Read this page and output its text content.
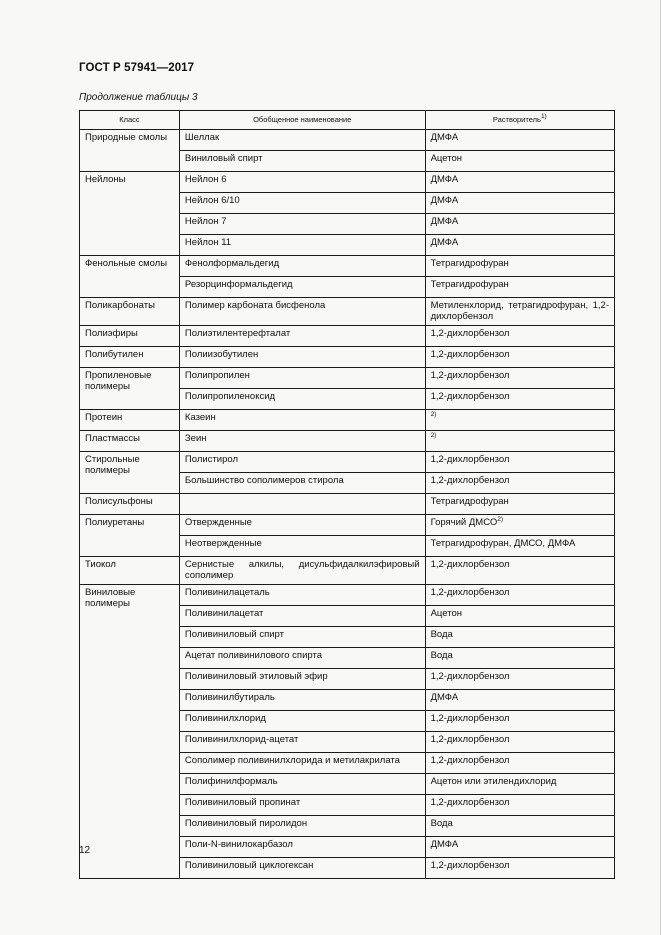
ГОСТ Р 57941—2017
Продолжение таблицы 3
Класс	Обобщенное наименование	Растворитель$^{1)}$
Природные смолы	Шеллак	ДМФА
	Виниловый спирт	Ацетон
Нейлоны	Нейлон 6	ДМФА
	Нейлон 6/10	ДМФА
	Нейлон 7	ДМФА
	Нейлон 11	ДМФА
Фенольные смолы	Фенолформальдегид	Тетрагидрофуран
	Резорцинформальдегид	Тетрагидрофуран
Поликарбонаты	Полимер карбоната бисфенола	Метиленхлорид, тетрагидрофуран, 1,2-дихлорбензол
Полиэфиры	Полиэтилентерефталат	1,2-дихлорбензол
Полибутилен	Полиизобутилен	1,2-дихлорбензол
Пропиленовые полимеры	Полипропилен	1,2-дихлорбензол
	Полипропиленоксид	1,2-дихлорбензол
Протеин	Казеин	$^{2)}$
Пластмассы	Зеин	$^{2)}$
Стирольные полимеры	Полистирол	1,2-дихлорбензол
	Большинство сополимеров стирола	1,2-дихлорбензол
Полисульфоны		Тетрагидрофуран
Полиуретаны	Отвержденные	Горячий ДМСО$^{2)}$
	Неотвержденные	Тетрагидрофуран, ДМСО, ДМФА
Тиокол	Сернистые алкилы, дисульфидалкилэфировый сополимер	1,2-дихлорбензол
Виниловые полимеры	Поливинилацеталь	1,2-дихлорбензол
	Поливинилацетат	Ацетон
	Поливиниловый спирт	Вода
	Ацетат поливинилового спирта	Вода
	Поливиниловый этиловый эфир	1,2-дихлорбензол
	Поливинилбутираль	ДМФА
	Поливинилхлорид	1,2-дихлорбензол
	Поливинилхлорид-ацетат	1,2-дихлорбензол
	Сополимер поливинилхлорида и метилакрилата	1,2-дихлорбензол
	Полифинилформаль	Ацетон или этилендихлорид
	Поливиниловый пропинат	1,2-дихлорбензол
	Поливиниловый пиролидон	Вода
	Поли-N-винилокарбазол	ДМФА
	Поливиниловый циклогексан	1,2-дихлорбензол
12
